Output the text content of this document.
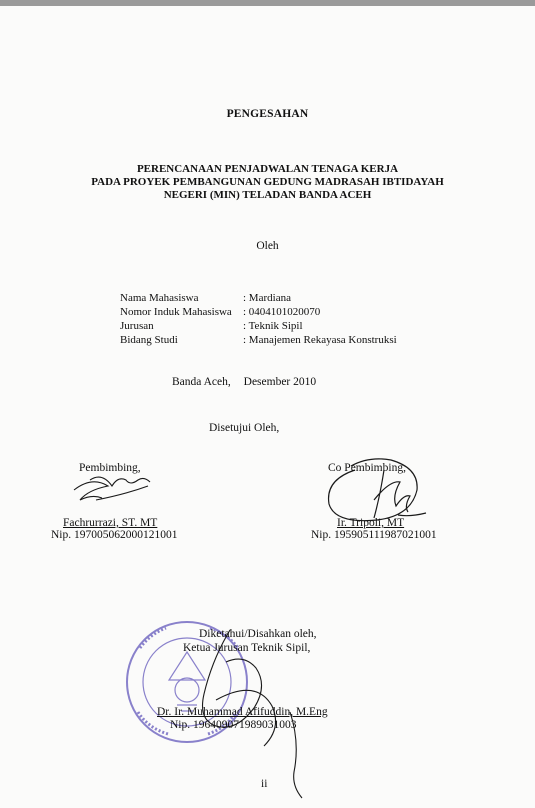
PENGESAHAN
PERENCANAAN PENJADWALAN TENAGA KERJA
PADA PROYEK PEMBANGUNAN GEDUNG MADRASAH IBTIDAYAH
NEGERI (MIN) TELADAN BANDA ACEH
Oleh
Nama Mahasiswa	: Mardiana
Nomor Induk Mahasiswa	: 0404101020070
Jurusan	: Teknik Sipil
Bidang Studi	: Manajemen Rekayasa Konstruksi
Banda Aceh, Desember 2010
Disetujui Oleh,
Pembimbing,
Fachrurrazi, ST. MT
Nip. 197005062000121001
Co Pembimbing,
Ir. Tripoli, MT
Nip. 195905111987021001
Diketahui/Disahkan oleh,
Ketua Jurusan Teknik Sipil,
Dr. Ir. Muhammad Afifuddin, M.Eng
Nip. 196409071989031003
ii
